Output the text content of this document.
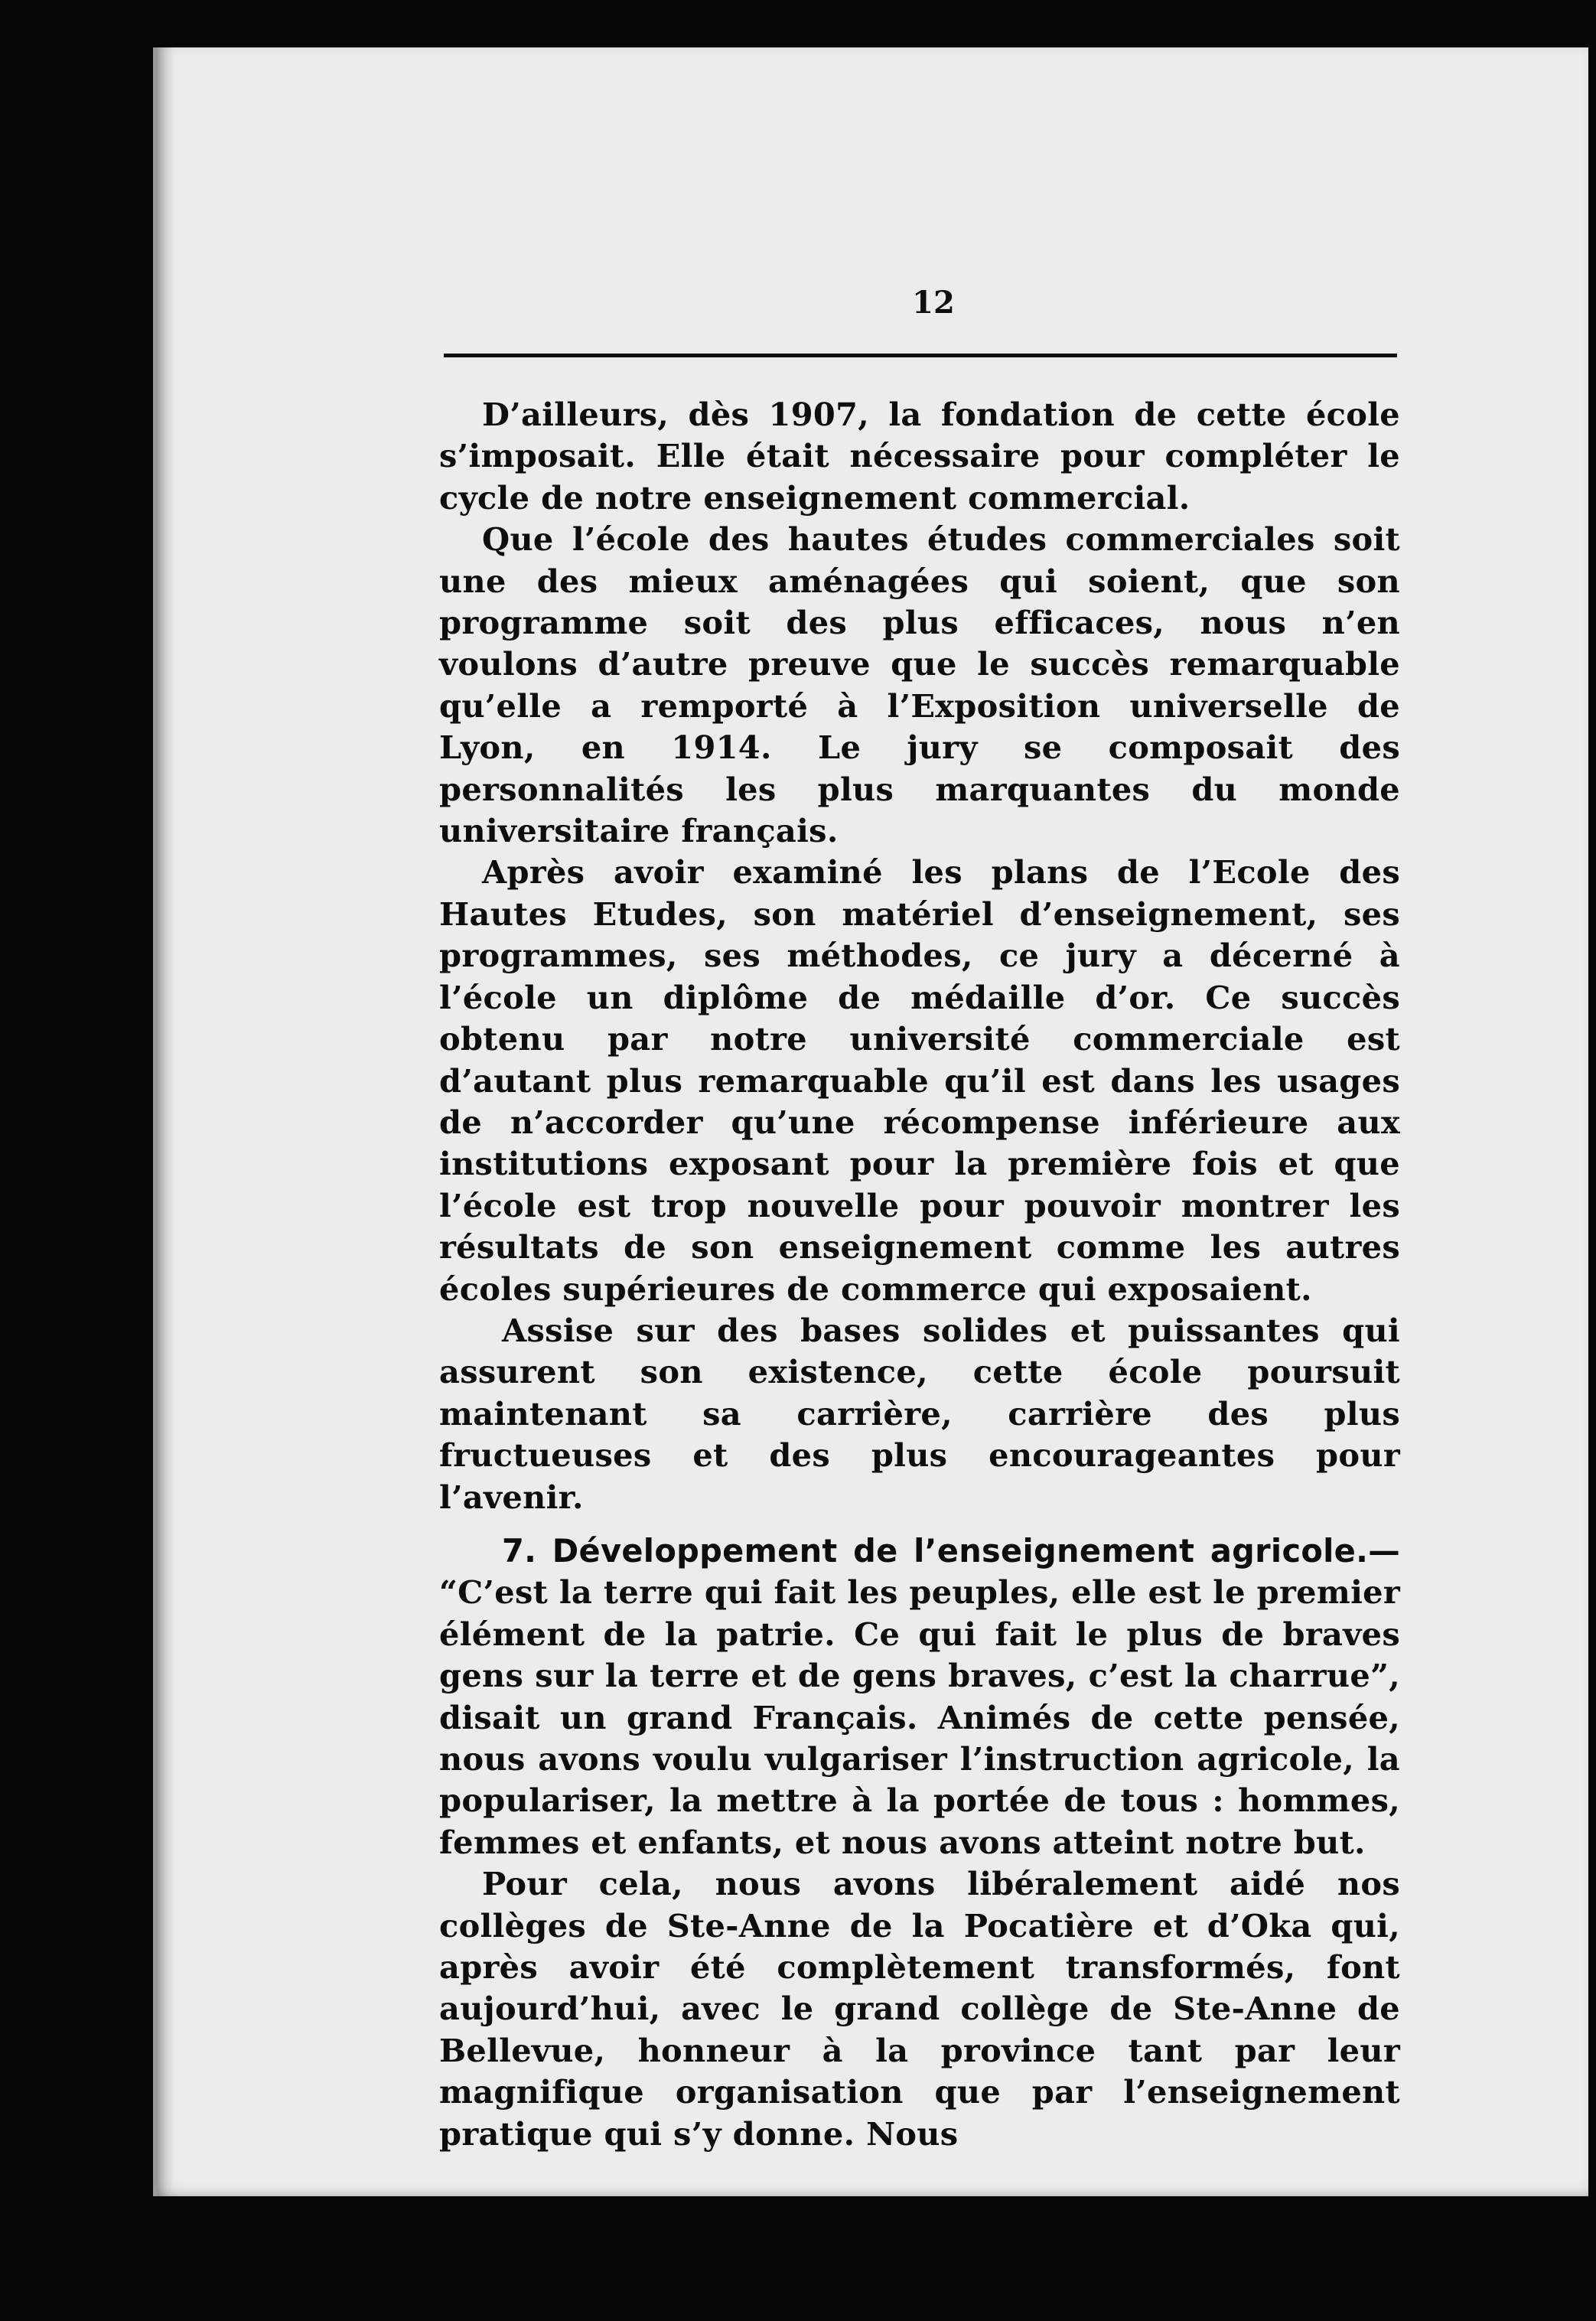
12

D’ailleurs, dès 1907, la fondation de cette école s’imposait. Elle était nécessaire pour compléter le cycle de notre enseignement commercial.

Que l’école des hautes études commerciales soit une des mieux aménagées qui soient, que son programme soit des plus efficaces, nous n’en voulons d’autre preuve que le succès remarquable qu’elle a remporté à l’Exposition universelle de Lyon, en 1914. Le jury se composait des personnalités les plus marquantes du monde universitaire français.

Après avoir examiné les plans de l’Ecole des Hautes Etudes, son matériel d’enseignement, ses programmes, ses méthodes, ce jury a décerné à l’école un diplôme de médaille d’or. Ce succès obtenu par notre université commerciale est d’autant plus remarquable qu’il est dans les usages de n’accorder qu’une récompense inférieure aux institutions exposant pour la première fois et que l’école est trop nouvelle pour pouvoir montrer les résultats de son enseignement comme les autres écoles supérieures de commerce qui exposaient.

Assise sur des bases solides et puissantes qui assurent son existence, cette école poursuit maintenant sa carrière, carrière des plus fructueuses et des plus encourageantes pour l’avenir.

7. Développement de l’enseignement agricole.— “C’est la terre qui fait les peuples, elle est le premier élément de la patrie. Ce qui fait le plus de braves gens sur la terre et de gens braves, c’est la charrue”, disait un grand Français. Animés de cette pensée, nous avons voulu vulgariser l’instruction agricole, la populariser, la mettre à la portée de tous : hommes, femmes et enfants, et nous avons atteint notre but.

Pour cela, nous avons libéralement aidé nos collèges de Ste-Anne de la Pocatière et d’Oka qui, après avoir été complètement transformés, font aujourd’hui, avec le grand collège de Ste-Anne de Bellevue, honneur à la province tant par leur magnifique organisation que par l’enseignement pratique qui s’y donne. Nous
